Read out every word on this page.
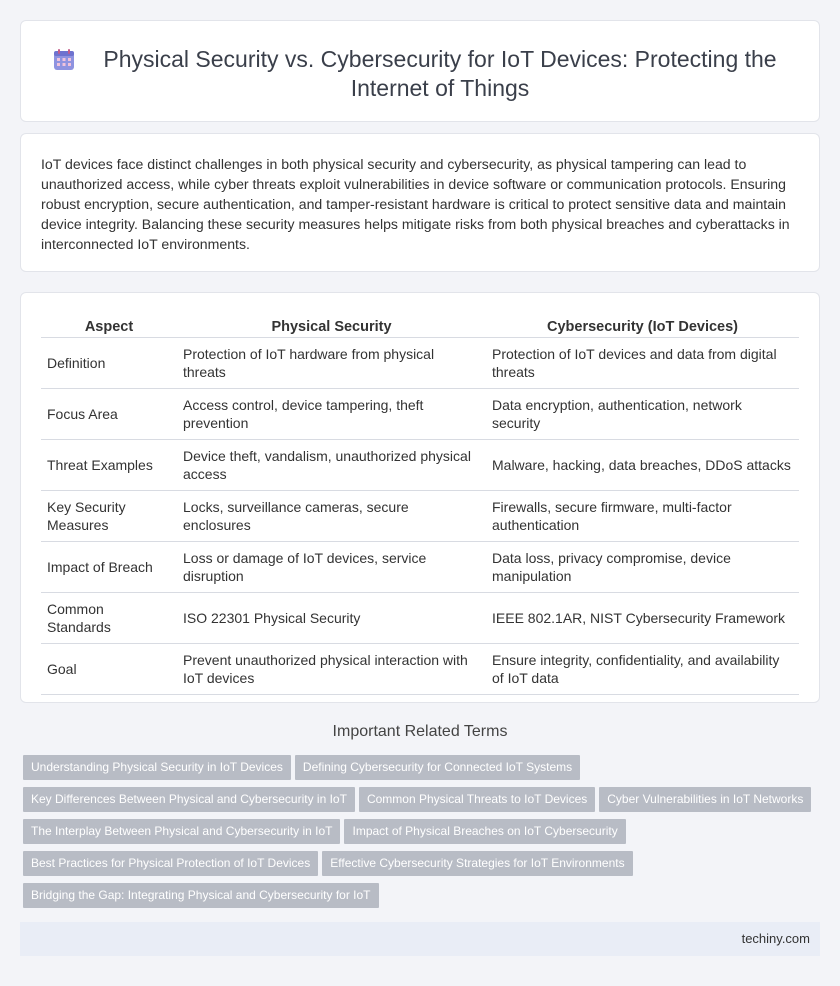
Physical Security vs. Cybersecurity for IoT Devices: Protecting the Internet of Things

IoT devices face distinct challenges in both physical security and cybersecurity, as physical tampering can lead to unauthorized access, while cyber threats exploit vulnerabilities in device software or communication protocols. Ensuring robust encryption, secure authentication, and tamper-resistant hardware is critical to protect sensitive data and maintain device integrity. Balancing these security measures helps mitigate risks from both physical breaches and cyberattacks in interconnected IoT environments.

Aspect	Physical Security	Cybersecurity (IoT Devices)
Definition	Protection of IoT hardware from physical threats	Protection of IoT devices and data from digital threats
Focus Area	Access control, device tampering, theft prevention	Data encryption, authentication, network security
Threat Examples	Device theft, vandalism, unauthorized physical access	Malware, hacking, data breaches, DDoS attacks
Key Security Measures	Locks, surveillance cameras, secure enclosures	Firewalls, secure firmware, multi-factor authentication
Impact of Breach	Loss or damage of IoT devices, service disruption	Data loss, privacy compromise, device manipulation
Common Standards	ISO 22301 Physical Security	IEEE 802.1AR, NIST Cybersecurity Framework
Goal	Prevent unauthorized physical interaction with IoT devices	Ensure integrity, confidentiality, and availability of IoT data
Important Related Terms
Understanding Physical Security in IoT Devices Defining Cybersecurity for Connected IoT Systems
Key Differences Between Physical and Cybersecurity in IoT Common Physical Threats to IoT Devices Cyber Vulnerabilities in IoT Networks
The Interplay Between Physical and Cybersecurity in IoT Impact of Physical Breaches on IoT Cybersecurity
Best Practices for Physical Protection of IoT Devices Effective Cybersecurity Strategies for IoT Environments
Bridging the Gap: Integrating Physical and Cybersecurity for IoT
techiny.com
